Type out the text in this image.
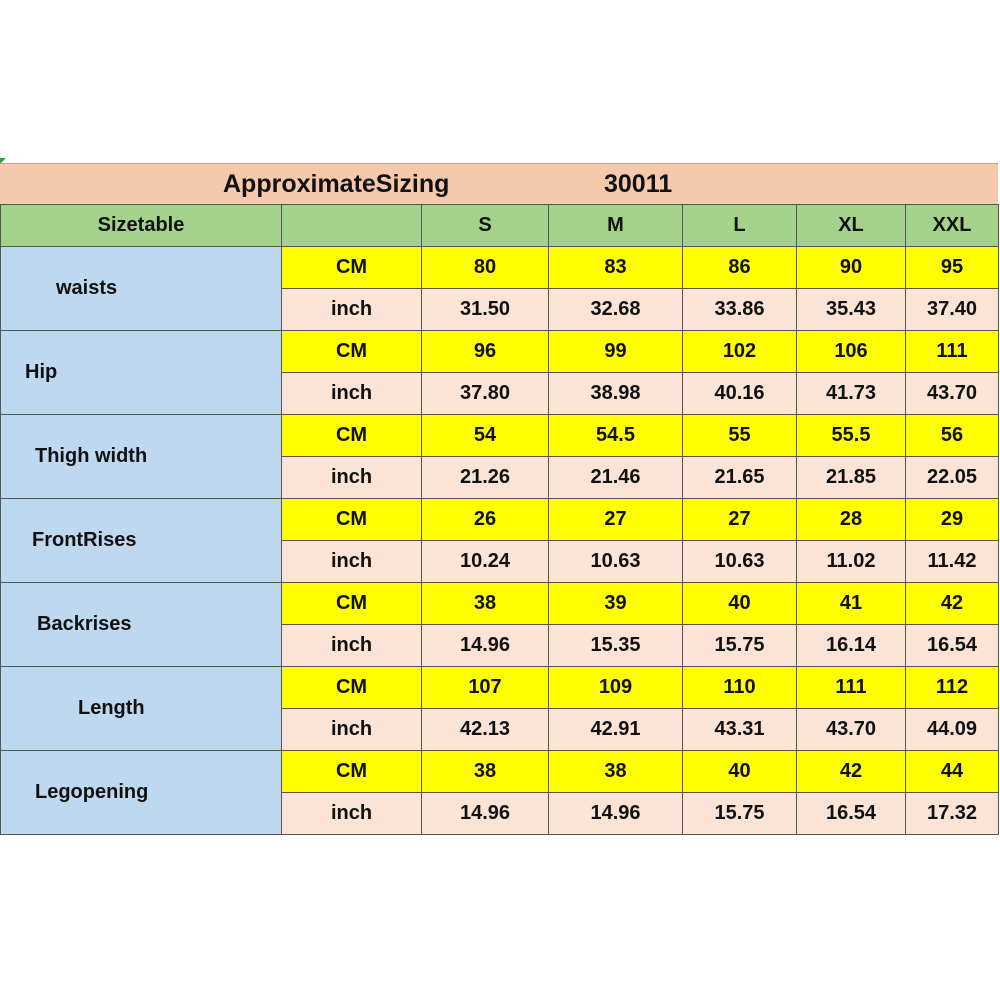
ApproximateSizing	30011
Sizetable		S	M	L	XL	XXL
waists	CM	80	83	86	90	95
	inch	31.50	32.68	33.86	35.43	37.40
Hip	CM	96	99	102	106	111
	inch	37.80	38.98	40.16	41.73	43.70
Thigh width	CM	54	54.5	55	55.5	56
	inch	21.26	21.46	21.65	21.85	22.05
FrontRises	CM	26	27	27	28	29
	inch	10.24	10.63	10.63	11.02	11.42
Backrises	CM	38	39	40	41	42
	inch	14.96	15.35	15.75	16.14	16.54
Length	CM	107	109	110	111	112
	inch	42.13	42.91	43.31	43.70	44.09
Legopening	CM	38	38	40	42	44
	inch	14.96	14.96	15.75	16.54	17.32
